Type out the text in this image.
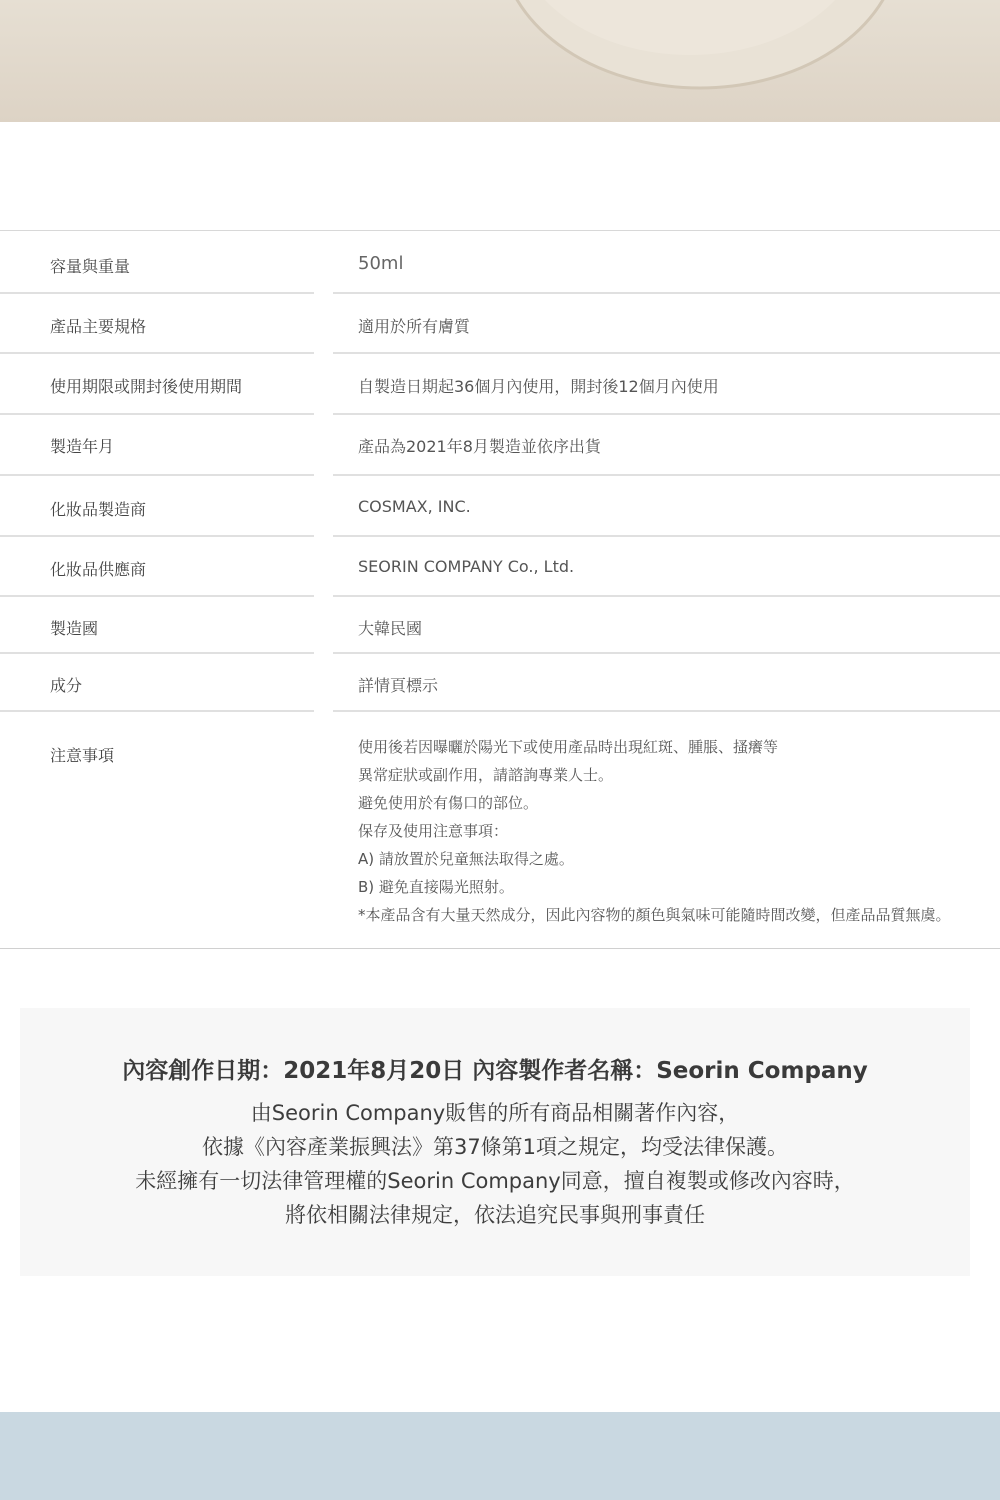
容量與重量	50ml
產品主要規格	適用於所有膚質
使用期限或開封後使用期間	自製造日期起36個月內使用，開封後12個月內使用
製造年月	產品為2021年8月製造並依序出貨
化妝品製造商	COSMAX, INC.
化妝品供應商	SEORIN COMPANY Co., Ltd.
製造國	大韓民國
成分	詳情頁標示
注意事項	使用後若因曝曬於陽光下或使用產品時出現紅斑、腫脹、搔癢等

異常症狀或副作用，請諮詢專業人士。

避免使用於有傷口的部位。

保存及使用注意事項：

A) 請放置於兒童無法取得之處。

B) 避免直接陽光照射。

*本產品含有大量天然成分，因此內容物的顏色與氣味可能隨時間改變，但產品品質無虞。

內容創作日期：2021年8月20日 內容製作者名稱：Seorin Company

由Seorin Company販售的所有商品相關著作內容，

依據《內容產業振興法》第37條第1項之規定，均受法律保護。

未經擁有一切法律管理權的Seorin Company同意，擅自複製或修改內容時，

將依相關法律規定，依法追究民事與刑事責任
